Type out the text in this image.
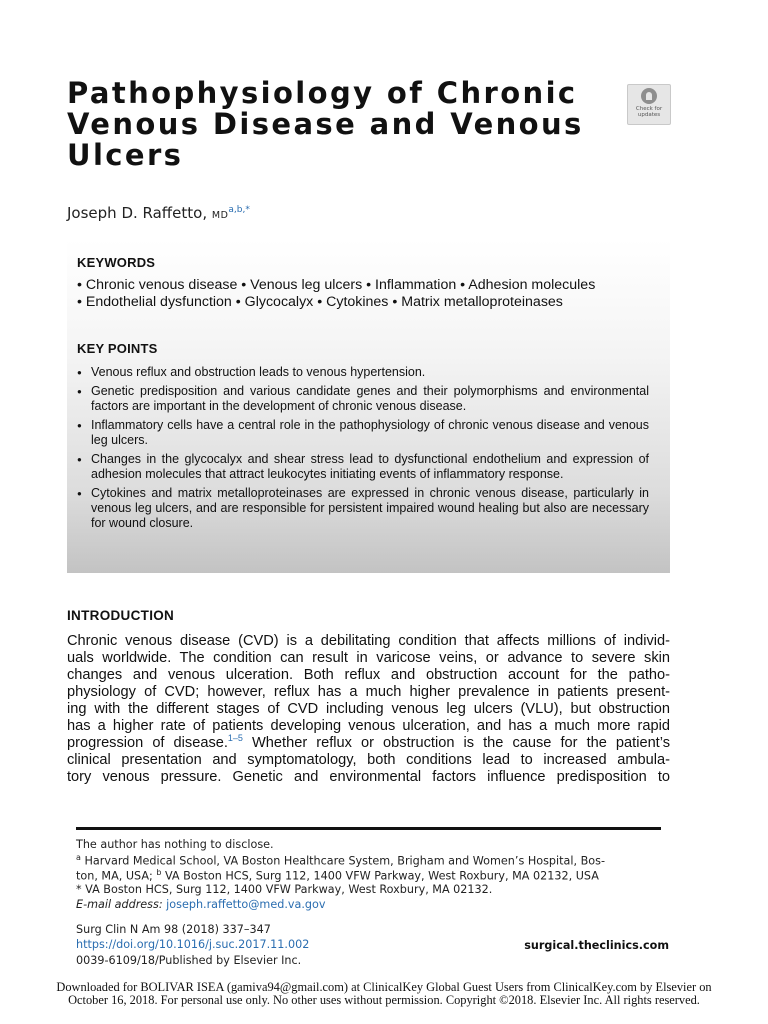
Pathophysiology of Chronic
Venous Disease and Venous
Ulcers
Check for updates
Joseph D. Raffetto, $MD^{a,b,*}$
KEYWORDS
• Chronic venous disease • Venous leg ulcers • Inflammation • Adhesion molecules
• Endothelial dysfunction • Glycocalyx • Cytokines • Matrix metalloproteinases
KEY POINTS
● Venous reflux and obstruction leads to venous hypertension.
● Genetic predisposition and various candidate genes and their polymorphisms and environmental factors are important in the development of chronic venous disease.
● Inflammatory cells have a central role in the pathophysiology of chronic venous disease and venous leg ulcers.
● Changes in the glycocalyx and shear stress lead to dysfunctional endothelium and expression of adhesion molecules that attract leukocytes initiating events of inflammatory response.
● Cytokines and matrix metalloproteinases are expressed in chronic venous disease, particularly in venous leg ulcers, and are responsible for persistent impaired wound healing but also are necessary for wound closure.
INTRODUCTION
Chronic venous disease (CVD) is a debilitating condition that affects millions of individ-
uals worldwide. The condition can result in varicose veins, or advance to severe skin
changes and venous ulceration. Both reflux and obstruction account for the patho-
physiology of CVD; however, reflux has a much higher prevalence in patients present-
ing with the different stages of CVD including venous leg ulcers (VLU), but obstruction
has a higher rate of patients developing venous ulceration, and has a much more rapid
progression of disease.$^{1-5}$ Whether reflux or obstruction is the cause for the patient’s
clinical presentation and symptomatology, both conditions lead to increased ambula-
tory venous pressure. Genetic and environmental factors influence predisposition to
The author has nothing to disclose.
$^a$ Harvard Medical School, VA Boston Healthcare System, Brigham and Women’s Hospital, Bos-
ton, MA, USA; $^b$ VA Boston HCS, Surg 112, 1400 VFW Parkway, West Roxbury, MA 02132, USA
* VA Boston HCS, Surg 112, 1400 VFW Parkway, West Roxbury, MA 02132.
E-mail address: joseph.raffetto@med.va.gov
Surg Clin N Am 98 (2018) 337–347
https://doi.org/10.1016/j.suc.2017.11.002	surgical.theclinics.com
0039-6109/18/Published by Elsevier Inc.
Downloaded for BOLIVAR ISEA (gamiva94@gmail.com) at ClinicalKey Global Guest Users from ClinicalKey.com by Elsevier on
October 16, 2018. For personal use only. No other uses without permission. Copyright ©2018. Elsevier Inc. All rights reserved.
